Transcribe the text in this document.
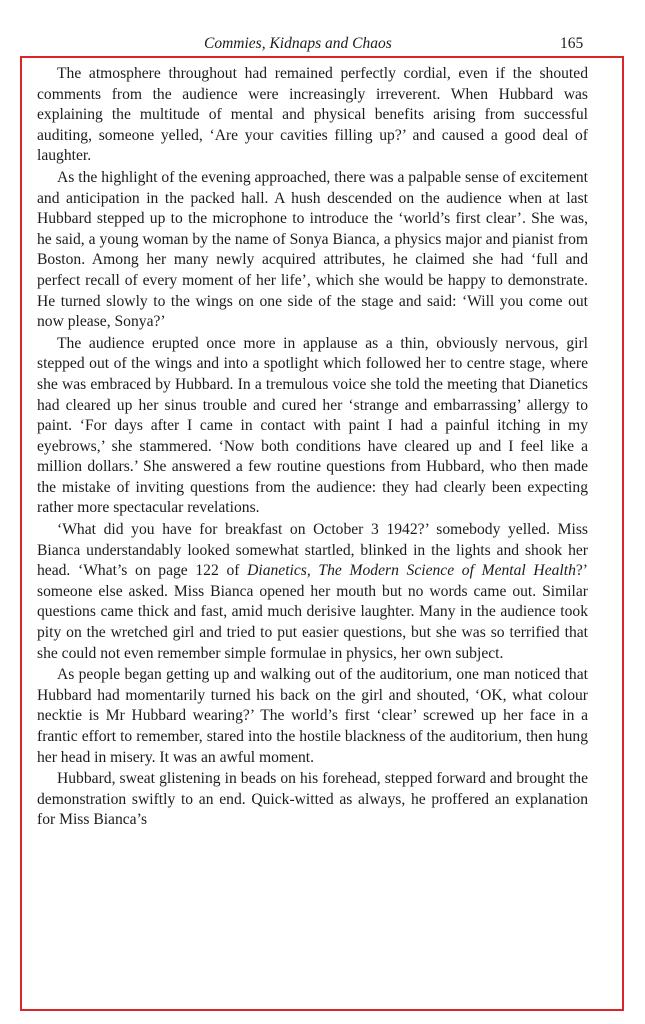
Commies, Kidnaps and Chaos	165

The atmosphere throughout had remained perfectly cordial, even if the shouted comments from the audience were increasingly irreverent. When Hubbard was explaining the multitude of mental and physical benefits arising from successful auditing, someone yelled, ‘Are your cavities filling up?’ and caused a good deal of laughter.

As the highlight of the evening approached, there was a palpable sense of excitement and anticipation in the packed hall. A hush descended on the audience when at last Hubbard stepped up to the microphone to introduce the ‘world’s first clear’. She was, he said, a young woman by the name of Sonya Bianca, a physics major and pianist from Boston. Among her many newly acquired attributes, he claimed she had ‘full and perfect recall of every moment of her life’, which she would be happy to demonstrate. He turned slowly to the wings on one side of the stage and said: ‘Will you come out now please, Sonya?’

The audience erupted once more in applause as a thin, obviously nervous, girl stepped out of the wings and into a spotlight which followed her to centre stage, where she was embraced by Hubbard. In a tremulous voice she told the meeting that Dianetics had cleared up her sinus trouble and cured her ‘strange and embarrassing’ allergy to paint. ‘For days after I came in contact with paint I had a painful itching in my eyebrows,’ she stammered. ‘Now both conditions have cleared up and I feel like a million dollars.’ She answered a few routine questions from Hubbard, who then made the mistake of inviting questions from the audience: they had clearly been expecting rather more spectacular revelations.

‘What did you have for breakfast on October 3 1942?’ somebody yelled. Miss Bianca understandably looked somewhat startled, blinked in the lights and shook her head. ‘What’s on page 122 of Dianetics, The Modern Science of Mental Health?’ someone else asked. Miss Bianca opened her mouth but no words came out. Similar questions came thick and fast, amid much derisive laughter. Many in the audience took pity on the wretched girl and tried to put easier questions, but she was so terrified that she could not even remember simple formulae in physics, her own subject.

As people began getting up and walking out of the auditorium, one man noticed that Hubbard had momentarily turned his back on the girl and shouted, ‘OK, what colour necktie is Mr Hubbard wearing?’ The world’s first ‘clear’ screwed up her face in a frantic effort to remember, stared into the hostile blackness of the auditorium, then hung her head in misery. It was an awful moment.

Hubbard, sweat glistening in beads on his forehead, stepped forward and brought the demonstration swiftly to an end. Quick-witted as always, he proffered an explanation for Miss Bianca’s
